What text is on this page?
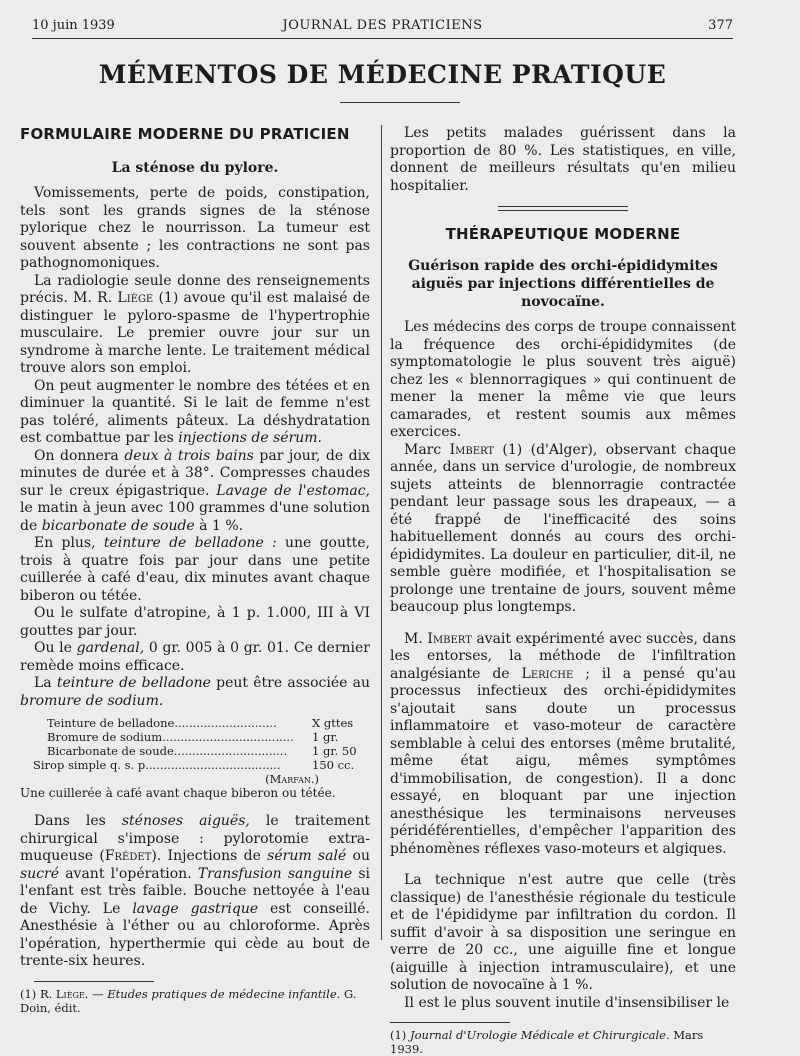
10 juin 1939	JOURNAL DES PRATICIENS	377
MÉMENTOS DE MÉDECINE PRATIQUE
FORMULAIRE MODERNE DU PRATICIEN
La sténose du pylore.

Vomissements, perte de poids, constipation, tels sont les grands signes de la sténose pylorique chez le nourrisson. La tumeur est souvent absente ; les contractions ne sont pas pathognomoniques.

La radiologie seule donne des renseignements précis. M. R. Liège (1) avoue qu'il est malaisé de distinguer le pyloro-spasme de l'hypertrophie musculaire. Le premier ouvre jour sur un syndrome à marche lente. Le traitement médical trouve alors son emploi.

On peut augmenter le nombre des tétées et en diminuer la quantité. Si le lait de femme n'est pas toléré, aliments pâteux. La déshydratation est combattue par les injections de sérum.

On donnera deux à trois bains par jour, de dix minutes de durée et à 38°. Compresses chaudes sur le creux épigastrique. Lavage de l'estomac, le matin à jeun avec 100 grammes d'une solution de bicarbonate de soude à 1 %.

En plus, teinture de belladone : une goutte, trois à quatre fois par jour dans une petite cuillerée à café d'eau, dix minutes avant chaque biberon ou tétée.

Ou le sulfate d'atropine, à 1 p. 1.000, III à VI gouttes par jour.

Ou le gardenal, 0 gr. 005 à 0 gr. 01. Ce dernier remède moins efficace.

La teinture de belladone peut être associée au bromure de sodium.

Teinture de belladone............................	X gttes
Bromure de sodium....................................	1 gr.
Bicarbonate de soude...............................	1 gr. 50
Sirop simple q. s. p.....................................	150 cc.
(Marfan.)
Une cuillerée à café avant chaque biberon ou tétée.

Dans les sténoses aiguës, le traitement chirurgical s'impose : pylorotomie extra-muqueuse (Frédet). Injections de sérum salé ou sucré avant l'opération. Transfusion sanguine si l'enfant est très faible. Bouche nettoyée à l'eau de Vichy. Le lavage gastrique est conseillé. Anesthésie à l'éther ou au chloroforme. Après l'opération, hyperthermie qui cède au bout de trente-six heures.

(1) R. Liège. — Etudes pratiques de médecine infantile. G. Doin, édit.

Les petits malades guérissent dans la proportion de 80 %. Les statistiques, en ville, donnent de meilleurs résultats qu'en milieu hospitalier.

THÉRAPEUTIQUE MODERNE
Guérison rapide des orchi-épididymites aiguës par injections différentielles de novocaïne.

Les médecins des corps de troupe connaissent la fréquence des orchi-épididymites (de symptomatologie le plus souvent très aiguë) chez les « blennorragiques » qui continuent de mener la mener la même vie que leurs camarades, et restent soumis aux mêmes exercices.

Marc Imbert (1) (d'Alger), observant chaque année, dans un service d'urologie, de nombreux sujets atteints de blennorragie contractée pendant leur passage sous les drapeaux, — a été frappé de l'inefficacité des soins habituellement donnés au cours des orchi-épididymites. La douleur en particulier, dit-il, ne semble guère modifiée, et l'hospitalisation se prolonge une trentaine de jours, souvent même beaucoup plus longtemps.

M. Imbert avait expérimenté avec succès, dans les entorses, la méthode de l'infiltration analgésiante de Leriche ; il a pensé qu'au processus infectieux des orchi-épididymites s'ajoutait sans doute un processus inflammatoire et vaso-moteur de caractère semblable à celui des entorses (même brutalité, même état aigu, mêmes symptômes d'immobilisation, de congestion). Il a donc essayé, en bloquant par une injection anesthésique les terminaisons nerveuses péridéférentielles, d'empêcher l'apparition des phénomènes réflexes vaso-moteurs et algiques.

La technique n'est autre que celle (très classique) de l'anesthésie régionale du testicule et de l'épididyme par infiltration du cordon. Il suffit d'avoir à sa disposition une seringue en verre de 20 cc., une aiguille fine et longue (aiguille à injection intramusculaire), et une solution de novocaïne à 1 %.

Il est le plus souvent inutile d'insensibiliser le

(1) Journal d'Urologie Médicale et Chirurgicale. Mars 1939.
